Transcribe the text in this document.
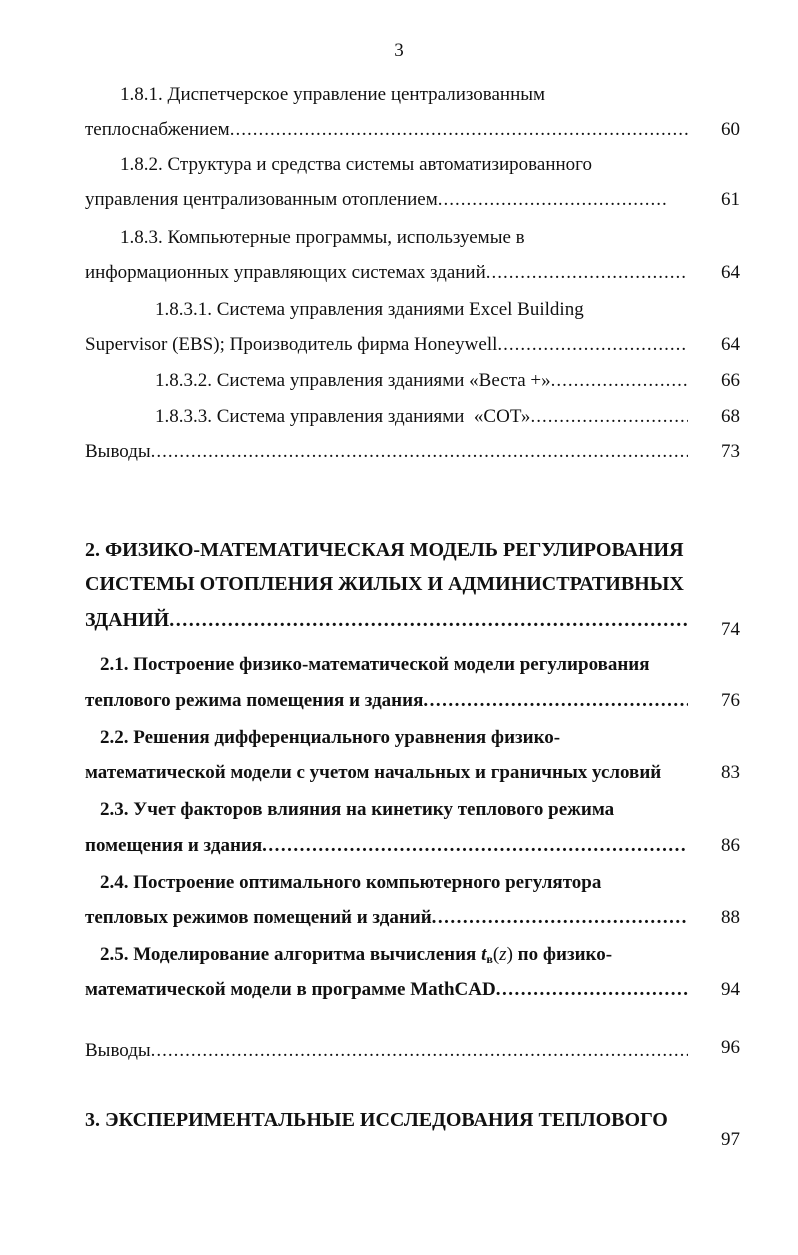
3
1.8.1. Диспетчерское управление централизованным
теплоснабжением .....	60
1.8.2. Структура и средства системы автоматизированного
управления централизованным отоплением .....	61
1.8.3. Компьютерные программы, используемые в
информационных управляющих системах зданий .....	64
1.8.3.1. Система управления зданиями Excel Building
Supervisor (EBS); Производитель фирма Honeywell .....	64
1.8.3.2. Система управления зданиями «Веста +» .....	66
1.8.3.3. Система управления зданиями  «СОТ» .....	68
Выводы .....	73
2. ФИЗИКО-МАТЕМАТИЧЕСКАЯ МОДЕЛЬ РЕГУЛИРОВАНИЯ
СИСТЕМЫ ОТОПЛЕНИЯ ЖИЛЫХ И АДМИНИСТРАТИВНЫХ
ЗДАНИЙ .....	74
2.1. Построение физико-математической модели регулирования
теплового режима помещения и здания .....	76
2.2. Решения дифференциального уравнения физико-
математической модели с учетом начальных и граничных условий	83
2.3. Учет факторов влияния на кинетику теплового режима
помещения и здания .....	86
2.4. Построение оптимального компьютерного регулятора
тепловых режимов помещений и зданий .....	88
2.5. Моделирование алгоритма вычисления $t_в(z)$ по физико-
математической модели в программе MathCAD .....	94
Выводы .....	96
3. ЭКСПЕРИМЕНТАЛЬНЫЕ ИССЛЕДОВАНИЯ ТЕПЛОВОГО
97
